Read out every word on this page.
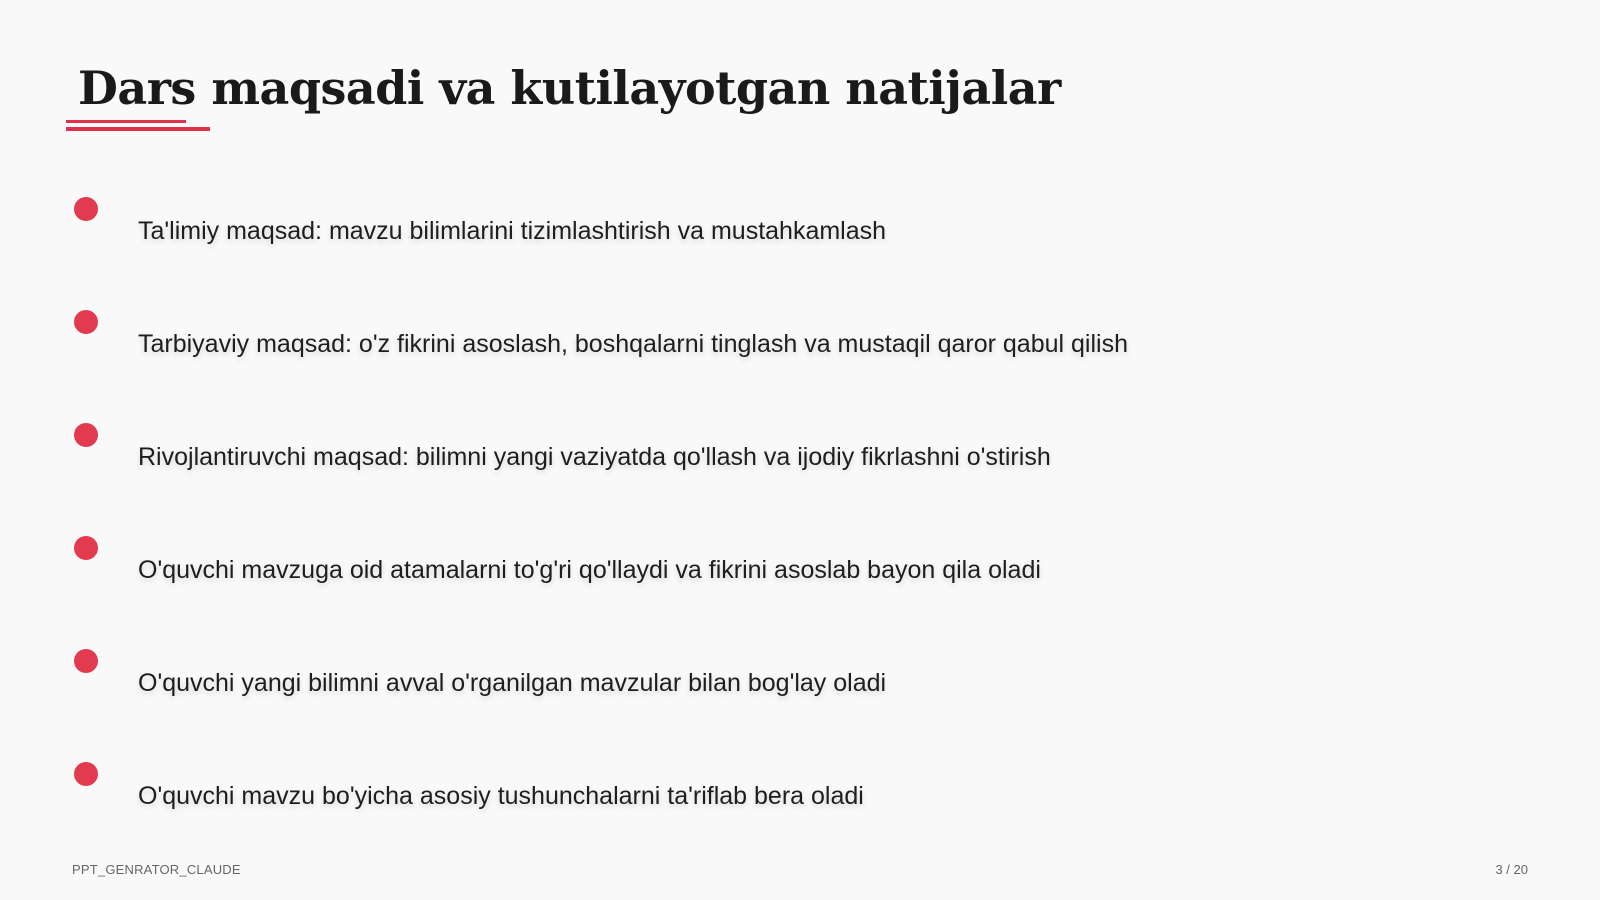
Dars maqsadi va kutilayotgan natijalar
Ta'limiy maqsad: mavzu bilimlarini tizimlashtirish va mustahkamlash
Tarbiyaviy maqsad: o'z fikrini asoslash, boshqalarni tinglash va mustaqil qaror qabul qilish
Rivojlantiruvchi maqsad: bilimni yangi vaziyatda qo'llash va ijodiy fikrlashni o'stirish
O'quvchi mavzuga oid atamalarni to'g'ri qo'llaydi va fikrini asoslab bayon qila oladi
O'quvchi yangi bilimni avval o'rganilgan mavzular bilan bog'lay oladi
O'quvchi mavzu bo'yicha asosiy tushunchalarni ta'riflab bera oladi
PPT_GENRATOR_CLAUDE	3 / 20
